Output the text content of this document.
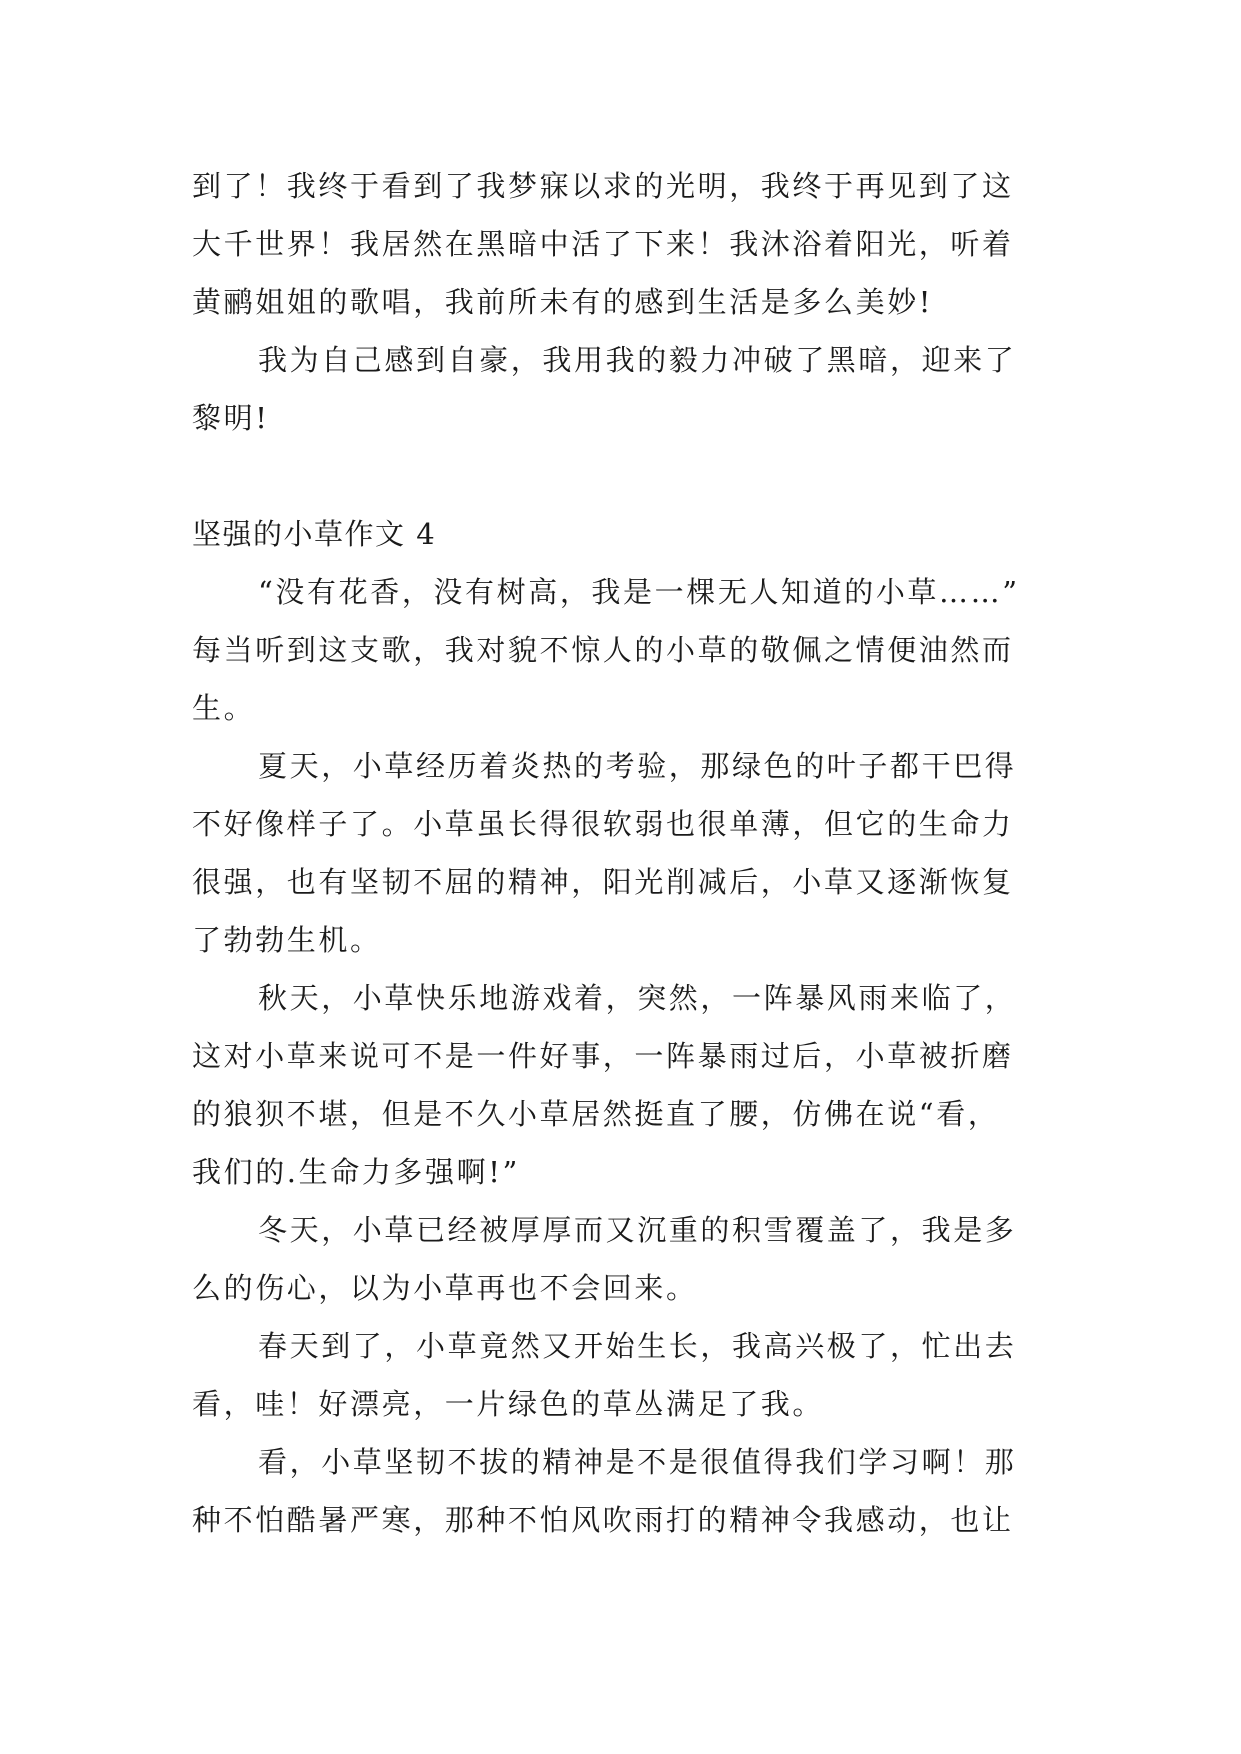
到了！我终于看到了我梦寐以求的光明，我终于再见到了这
大千世界！我居然在黑暗中活了下来！我沐浴着阳光，听着
黄鹂姐姐的歌唱，我前所未有的感到生活是多么美妙!
我为自己感到自豪，我用我的毅力冲破了黑暗，迎来了
黎明!
坚强的小草作文 4
“没有花香，没有树高，我是一棵无人知道的小草……”
每当听到这支歌，我对貌不惊人的小草的敬佩之情便油然而
生。
夏天，小草经历着炎热的考验，那绿色的叶子都干巴得
不好像样子了。小草虽长得很软弱也很单薄，但它的生命力
很强，也有坚韧不屈的精神，阳光削减后，小草又逐渐恢复
了勃勃生机。
秋天，小草快乐地游戏着，突然，一阵暴风雨来临了，
这对小草来说可不是一件好事，一阵暴雨过后，小草被折磨
的狼狈不堪，但是不久小草居然挺直了腰，仿佛在说“看，
我们的.生命力多强啊!”
冬天，小草已经被厚厚而又沉重的积雪覆盖了，我是多
么的伤心，以为小草再也不会回来。
春天到了，小草竟然又开始生长，我高兴极了，忙出去
看，哇！好漂亮，一片绿色的草丛满足了我。
看，小草坚韧不拔的精神是不是很值得我们学习啊！那
种不怕酷暑严寒，那种不怕风吹雨打的精神令我感动，也让
